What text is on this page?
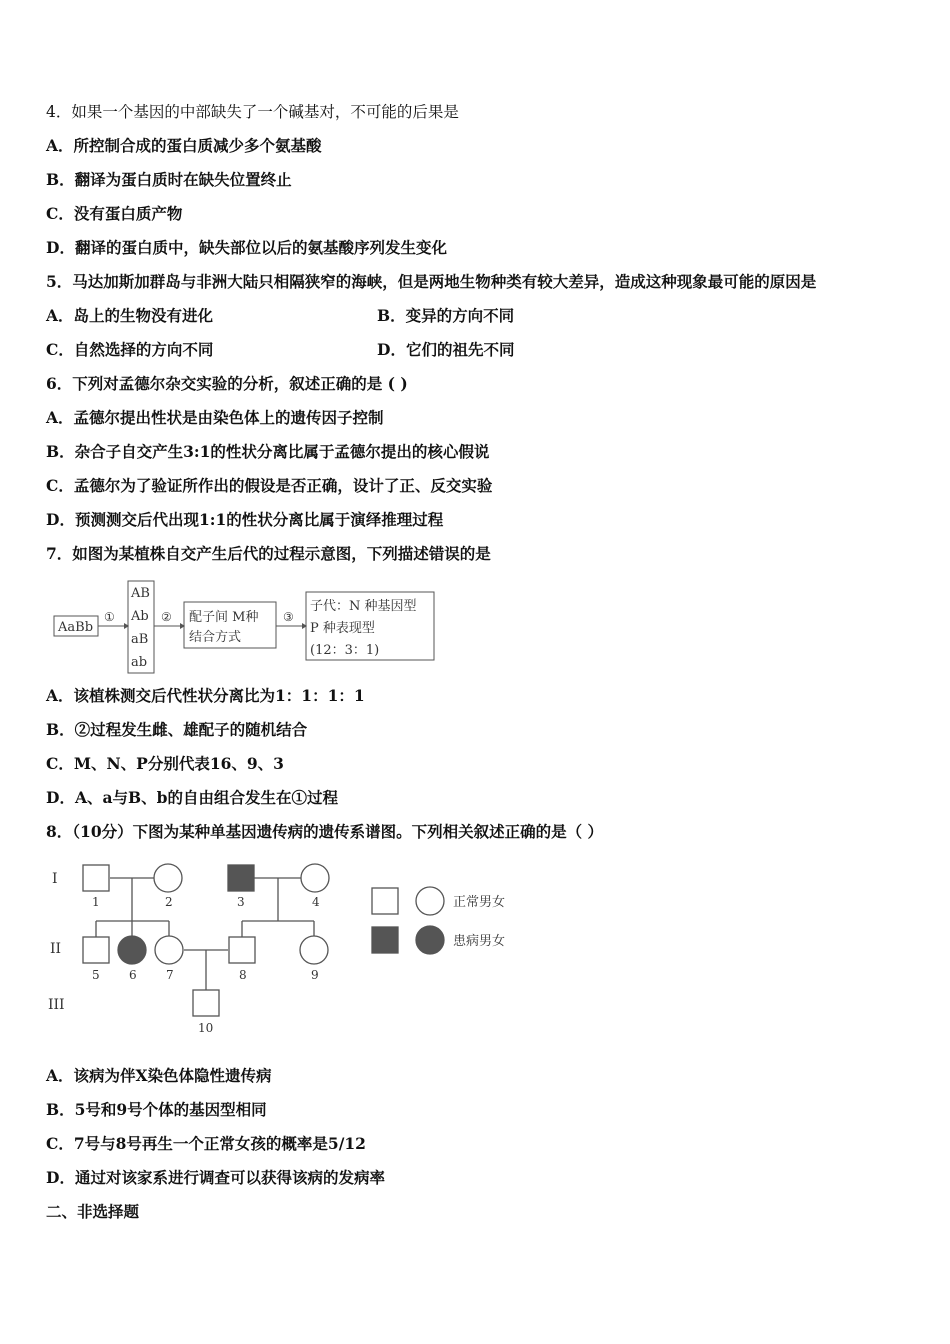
4．如果一个基因的中部缺失了一个碱基对，不可能的后果是
A．所控制合成的蛋白质减少多个氨基酸
B．翻译为蛋白质时在缺失位置终止
C．没有蛋白质产物
D．翻译的蛋白质中，缺失部位以后的氨基酸序列发生变化
5．马达加斯加群岛与非洲大陆只相隔狭窄的海峡，但是两地生物种类有较大差异，造成这种现象最可能的原因是
A．岛上的生物没有进化	B．变异的方向不同
C．自然选择的方向不同	D．它们的祖先不同
6．下列对孟德尔杂交实验的分析，叙述正确的是 ( )
A．孟德尔提出性状是由染色体上的遗传因子控制
B．杂合子自交产生3:1的性状分离比属于孟德尔提出的核心假说
C．孟德尔为了验证所作出的假设是否正确，设计了正、反交实验
D．预测测交后代出现1:1的性状分离比属于演绎推理过程
7．如图为某植株自交产生后代的过程示意图，下列描述错误的是
AaBb
①
AB
Ab
aB
ab
② 配子间 M种
结合方式
③
子代：N 种基因型
P 种表现型
(12：3：1)
A．该植株测交后代性状分离比为1：1：1：1
B．②过程发生雌、雄配子的随机结合
C．M、N、P分别代表16、9、3
D．A、a与B、b的自由组合发生在①过程
8．（10分）下图为某种单基因遗传病的遗传系谱图。下列相关叙述正确的是（ ）
I
II
III
1	2	3	4
5 6 7	8	9
10
正常男女
患病男女
A．该病为伴X染色体隐性遗传病
B．5号和9号个体的基因型相同
C．7号与8号再生一个正常女孩的概率是5/12
D．通过对该家系进行调查可以获得该病的发病率
二、非选择题
